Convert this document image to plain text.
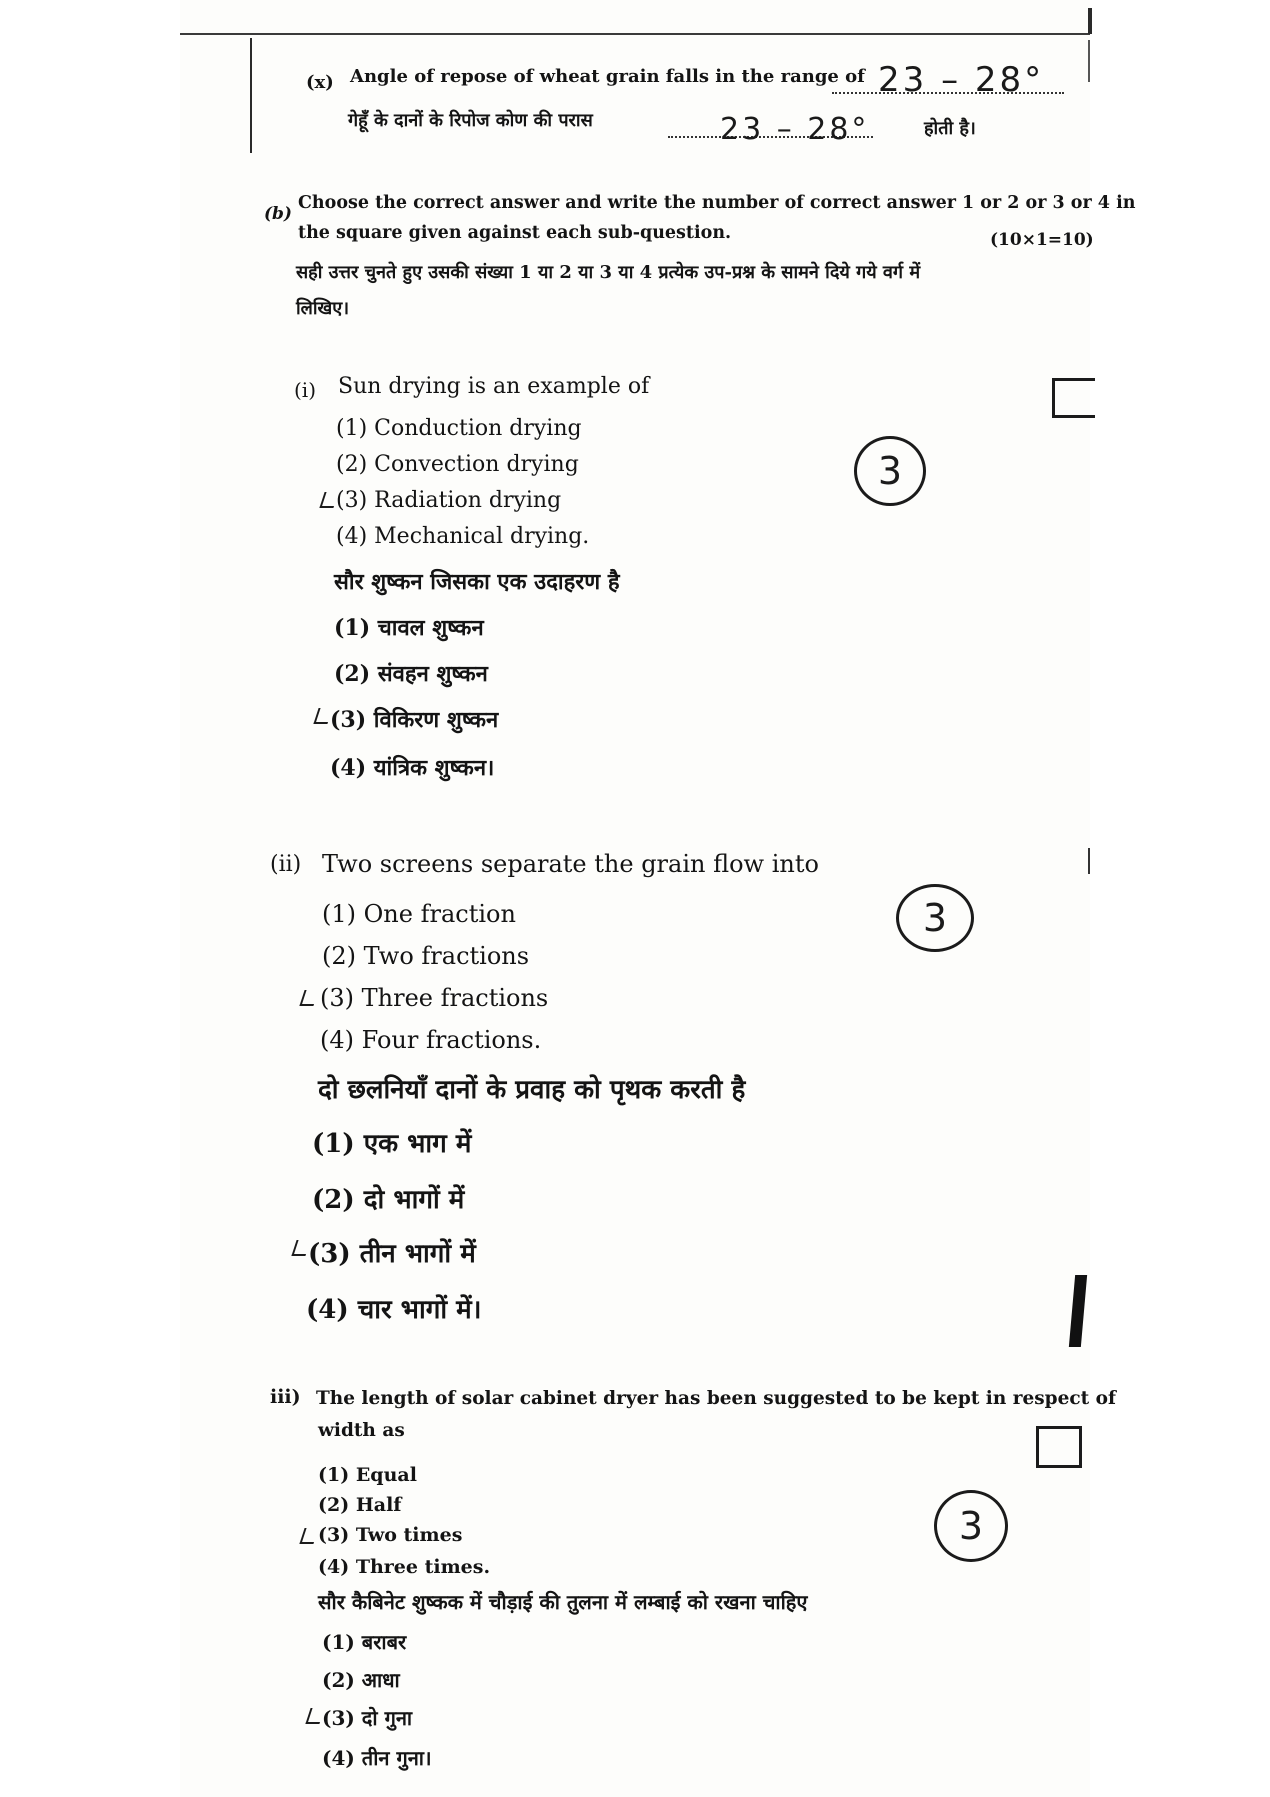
(x) Angle of repose of wheat grain falls in the range of 23 – 28°
गेहूँ के दानों के रिपोज कोण की परास	23 – 28°	होती है।
(b)
Choose the correct answer and write the number of correct answer 1 or 2 or 3 or 4 in
the square given against each sub-question.	(10×1=10)
सही उत्तर चुनते हुए उसकी संख्या 1 या 2 या 3 या 4 प्रत्येक उप-प्रश्न के सामने दिये गये वर्ग में
लिखिए।
(i) Sun drying is an example of
(1) Conduction drying
(2) Convection drying
(3) Radiation drying
(4) Mechanical drying.
3
सौर शुष्कन जिसका एक उदाहरण है
(1) चावल शुष्कन
(2) संवहन शुष्कन
(3) विकिरण शुष्कन
(4) यांत्रिक शुष्कन।
(ii) Two screens separate the grain flow into
(1) One fraction
(2) Two fractions
(3) Three fractions
(4) Four fractions.
3
दो छलनियाँ दानों के प्रवाह को पृथक करती है
(1) एक भाग में
(2) दो भागों में
(3) तीन भागों में
(4) चार भागों में।
iii) The length of solar cabinet dryer has been suggested to be kept in respect of
width as
(1) Equal
(2) Half
(3) Two times
(4) Three times.
3
सौर कैबिनेट शुष्कक में चौड़ाई की तुलना में लम्बाई को रखना चाहिए
(1) बराबर
(2) आधा
(3) दो गुना
(4) तीन गुना।
